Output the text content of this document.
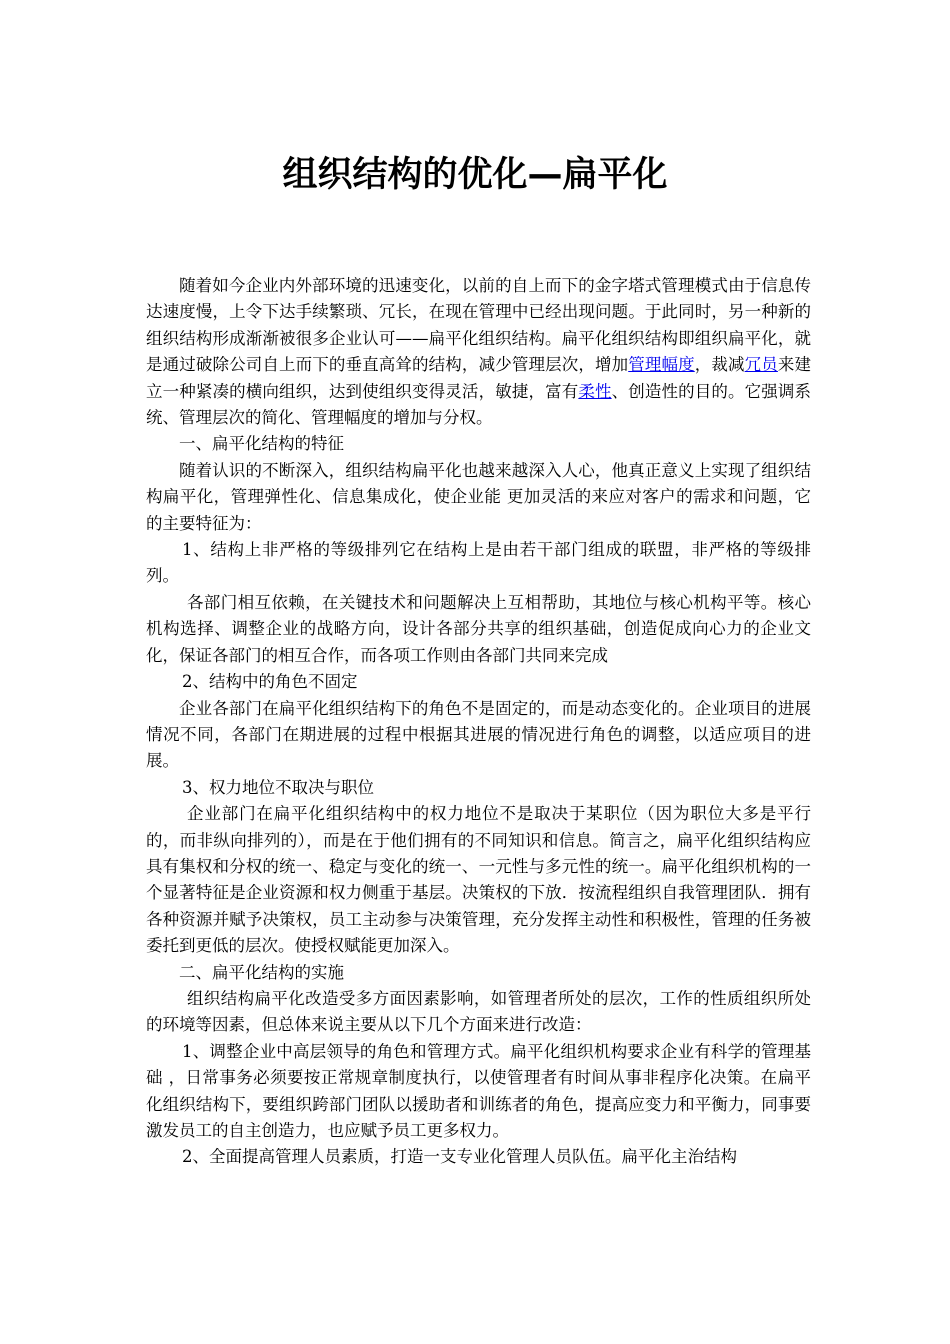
组织结构的优化—扁平化

随着如今企业内外部环境的迅速变化，以前的自上而下的金字塔式管理模式由于信息传达速度慢，上令下达手续繁琐、冗长，在现在管理中已经出现问题。于此同时，另一种新的组织结构形成渐渐被很多企业认可——扁平化组织结构。扁平化组织结构即组织扁平化，就是通过破除公司自上而下的垂直高耸的结构，减少管理层次，增加管理幅度，裁减冗员来建立一种紧凑的横向组织，达到使组织变得灵活，敏捷，富有柔性、创造性的目的。它强调系统、管理层次的简化、管理幅度的增加与分权。

一、扁平化结构的特征

随着认识的不断深入，组织结构扁平化也越来越深入人心，他真正意义上实现了组织结构扁平化，管理弹性化、信息集成化，使企业能 更加灵活的来应对客户的需求和问题，它的主要特征为：

1、结构上非严格的等级排列它在结构上是由若干部门组成的联盟，非严格的等级排列。

各部门相互依赖，在关键技术和问题解决上互相帮助，其地位与核心机构平等。核心机构选择、调整企业的战略方向，设计各部分共享的组织基础，创造促成向心力的企业文化，保证各部门的相互合作，而各项工作则由各部门共同来完成

2、结构中的角色不固定

企业各部门在扁平化组织结构下的角色不是固定的，而是动态变化的。企业项目的进展情况不同，各部门在期进展的过程中根据其进展的情况进行角色的调整，以适应项目的进展。

3、权力地位不取决与职位

企业部门在扁平化组织结构中的权力地位不是取决于某职位（因为职位大多是平行的，而非纵向排列的），而是在于他们拥有的不同知识和信息。简言之，扁平化组织结构应具有集权和分权的统一、稳定与变化的统一、一元性与多元性的统一。扁平化组织机构的一个显著特征是企业资源和权力侧重于基层。决策权的下放．按流程组织自我管理团队．拥有各种资源并赋予决策权，员工主动参与决策管理，充分发挥主动性和积极性，管理的任务被委托到更低的层次。使授权赋能更加深入。

二、扁平化结构的实施

组织结构扁平化改造受多方面因素影响，如管理者所处的层次，工作的性质组织所处的环境等因素，但总体来说主要从以下几个方面来进行改造：

1、调整企业中高层领导的角色和管理方式。扁平化组织机构要求企业有科学的管理基础 ，日常事务必须要按正常规章制度执行，以使管理者有时间从事非程序化决策。在扁平化组织结构下，要组织跨部门团队以援助者和训练者的角色，提高应变力和平衡力，同事要激发员工的自主创造力，也应赋予员工更多权力。

2、全面提高管理人员素质，打造一支专业化管理人员队伍。扁平化主治结构
